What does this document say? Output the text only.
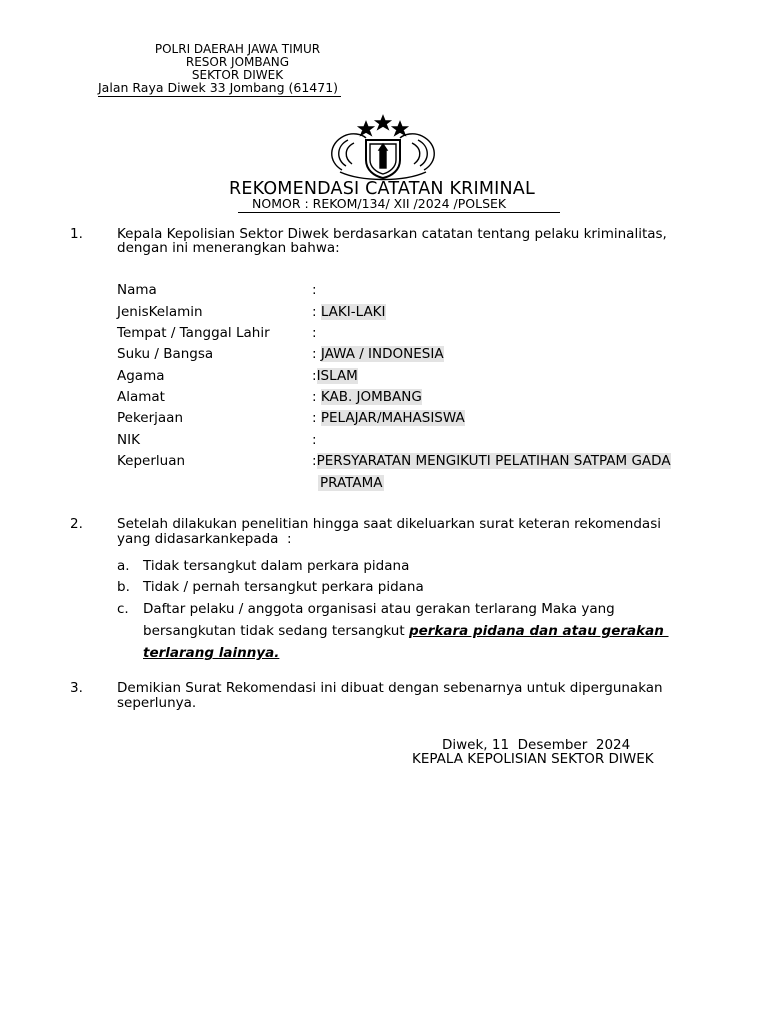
POLRI DAERAH JAWA TIMUR
RESOR JOMBANG
SEKTOR DIWEK
Jalan Raya Diwek 33 Jombang (61471)
REKOMENDASI CATATAN KRIMINAL
NOMOR : REKOM/134/ XII /2024 /POLSEK
1.	Kepala Kepolisian Sektor Diwek berdasarkan catatan tentang pelaku kriminalitas,
dengan ini menerangkan bahwa:
Nama	:
JenisKelamin	: LAKI-LAKI
Tempat / Tanggal Lahir	:
Suku / Bangsa	: JAWA / INDONESIA
Agama	:ISLAM
Alamat	: KAB. JOMBANG
Pekerjaan	: PELAJAR/MAHASISWA
NIK	:
Keperluan	:PERSYARATAN MENGIKUTI PELATIHAN SATPAM GADA
PRATAMA
2.	Setelah dilakukan penelitian hingga saat dikeluarkan surat keteran rekomendasi
yang didasarkankepada  :
a. Tidak tersangkut dalam perkara pidana
b. Tidak / pernah tersangkut perkara pidana
c. Daftar pelaku / anggota organisasi atau gerakan terlarang Maka yang
bersangkutan tidak sedang tersangkut perkara pidana dan atau gerakan
terlarang lainnya.
3.	Demikian Surat Rekomendasi ini dibuat dengan sebenarnya untuk dipergunakan
seperlunya.
Diwek, 11  Desember  2024
KEPALA KEPOLISIAN SEKTOR DIWEK
